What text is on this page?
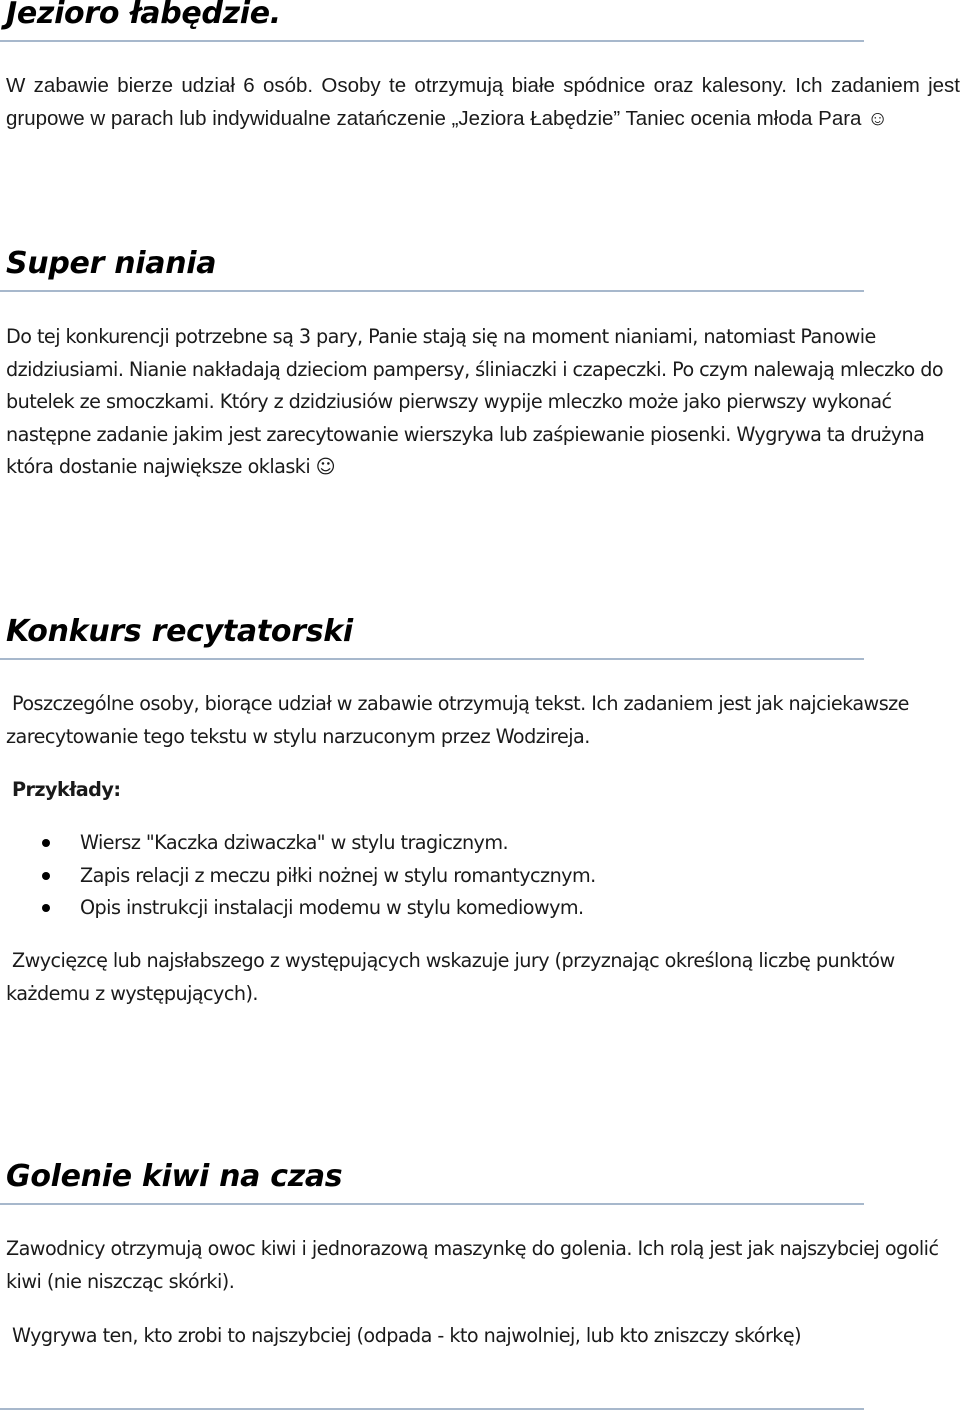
Jezioro łabędzie.

W zabawie bierze udział 6 osób. Osoby te otrzymują białe spódnice oraz kalesony. Ich zadaniem jest grupowe w parach lub indywidualne zatańczenie „Jeziora Łabędzie” Taniec ocenia młoda Para ☺

Super niania

Do tej konkurencji potrzebne są 3 pary, Panie stają się na moment nianiami, natomiast Panowie dzidziusiami. Nianie nakładają dzieciom pampersy, śliniaczki i czapeczki. Po czym nalewają mleczko do butelek ze smoczkami. Który z dzidziusiów pierwszy wypije mleczko może jako pierwszy wykonać następne zadanie jakim jest zarecytowanie wierszyka lub zaśpiewanie piosenki. Wygrywa ta drużyna która dostanie największe oklaski ☺

Konkurs recytatorski

Poszczególne osoby, biorące udział w zabawie otrzymują tekst. Ich zadaniem jest jak najciekawsze zarecytowanie tego tekstu w stylu narzuconym przez Wodzireja.

Przykłady:

Wiersz "Kaczka dziwaczka" w stylu tragicznym.
Zapis relacji z meczu piłki nożnej w stylu romantycznym.
Opis instrukcji instalacji modemu w stylu komediowym.

Zwycięzcę lub najsłabszego z występujących wskazuje jury (przyznając określoną liczbę punktów każdemu z występujących).

Golenie kiwi na czas

Zawodnicy otrzymują owoc kiwi i jednorazową maszynkę do golenia. Ich rolą jest jak najszybciej ogolić kiwi (nie niszcząc skórki).

Wygrywa ten, kto zrobi to najszybciej (odpada - kto najwolniej, lub kto zniszczy skórkę)
